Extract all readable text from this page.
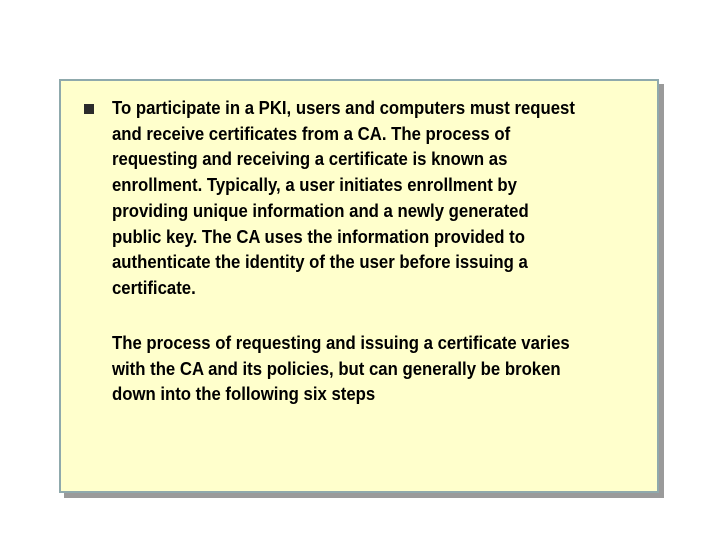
To participate in a PKI, users and computers must request
and receive certificates from a CA. The process of
requesting and receiving a certificate is known as
enrollment. Typically, a user initiates enrollment by
providing unique information and a newly generated
public key. The CA uses the information provided to
authenticate the identity of the user before issuing a
certificate.

The process of requesting and issuing a certificate varies
with the CA and its policies, but can generally be broken
down into the following six steps
